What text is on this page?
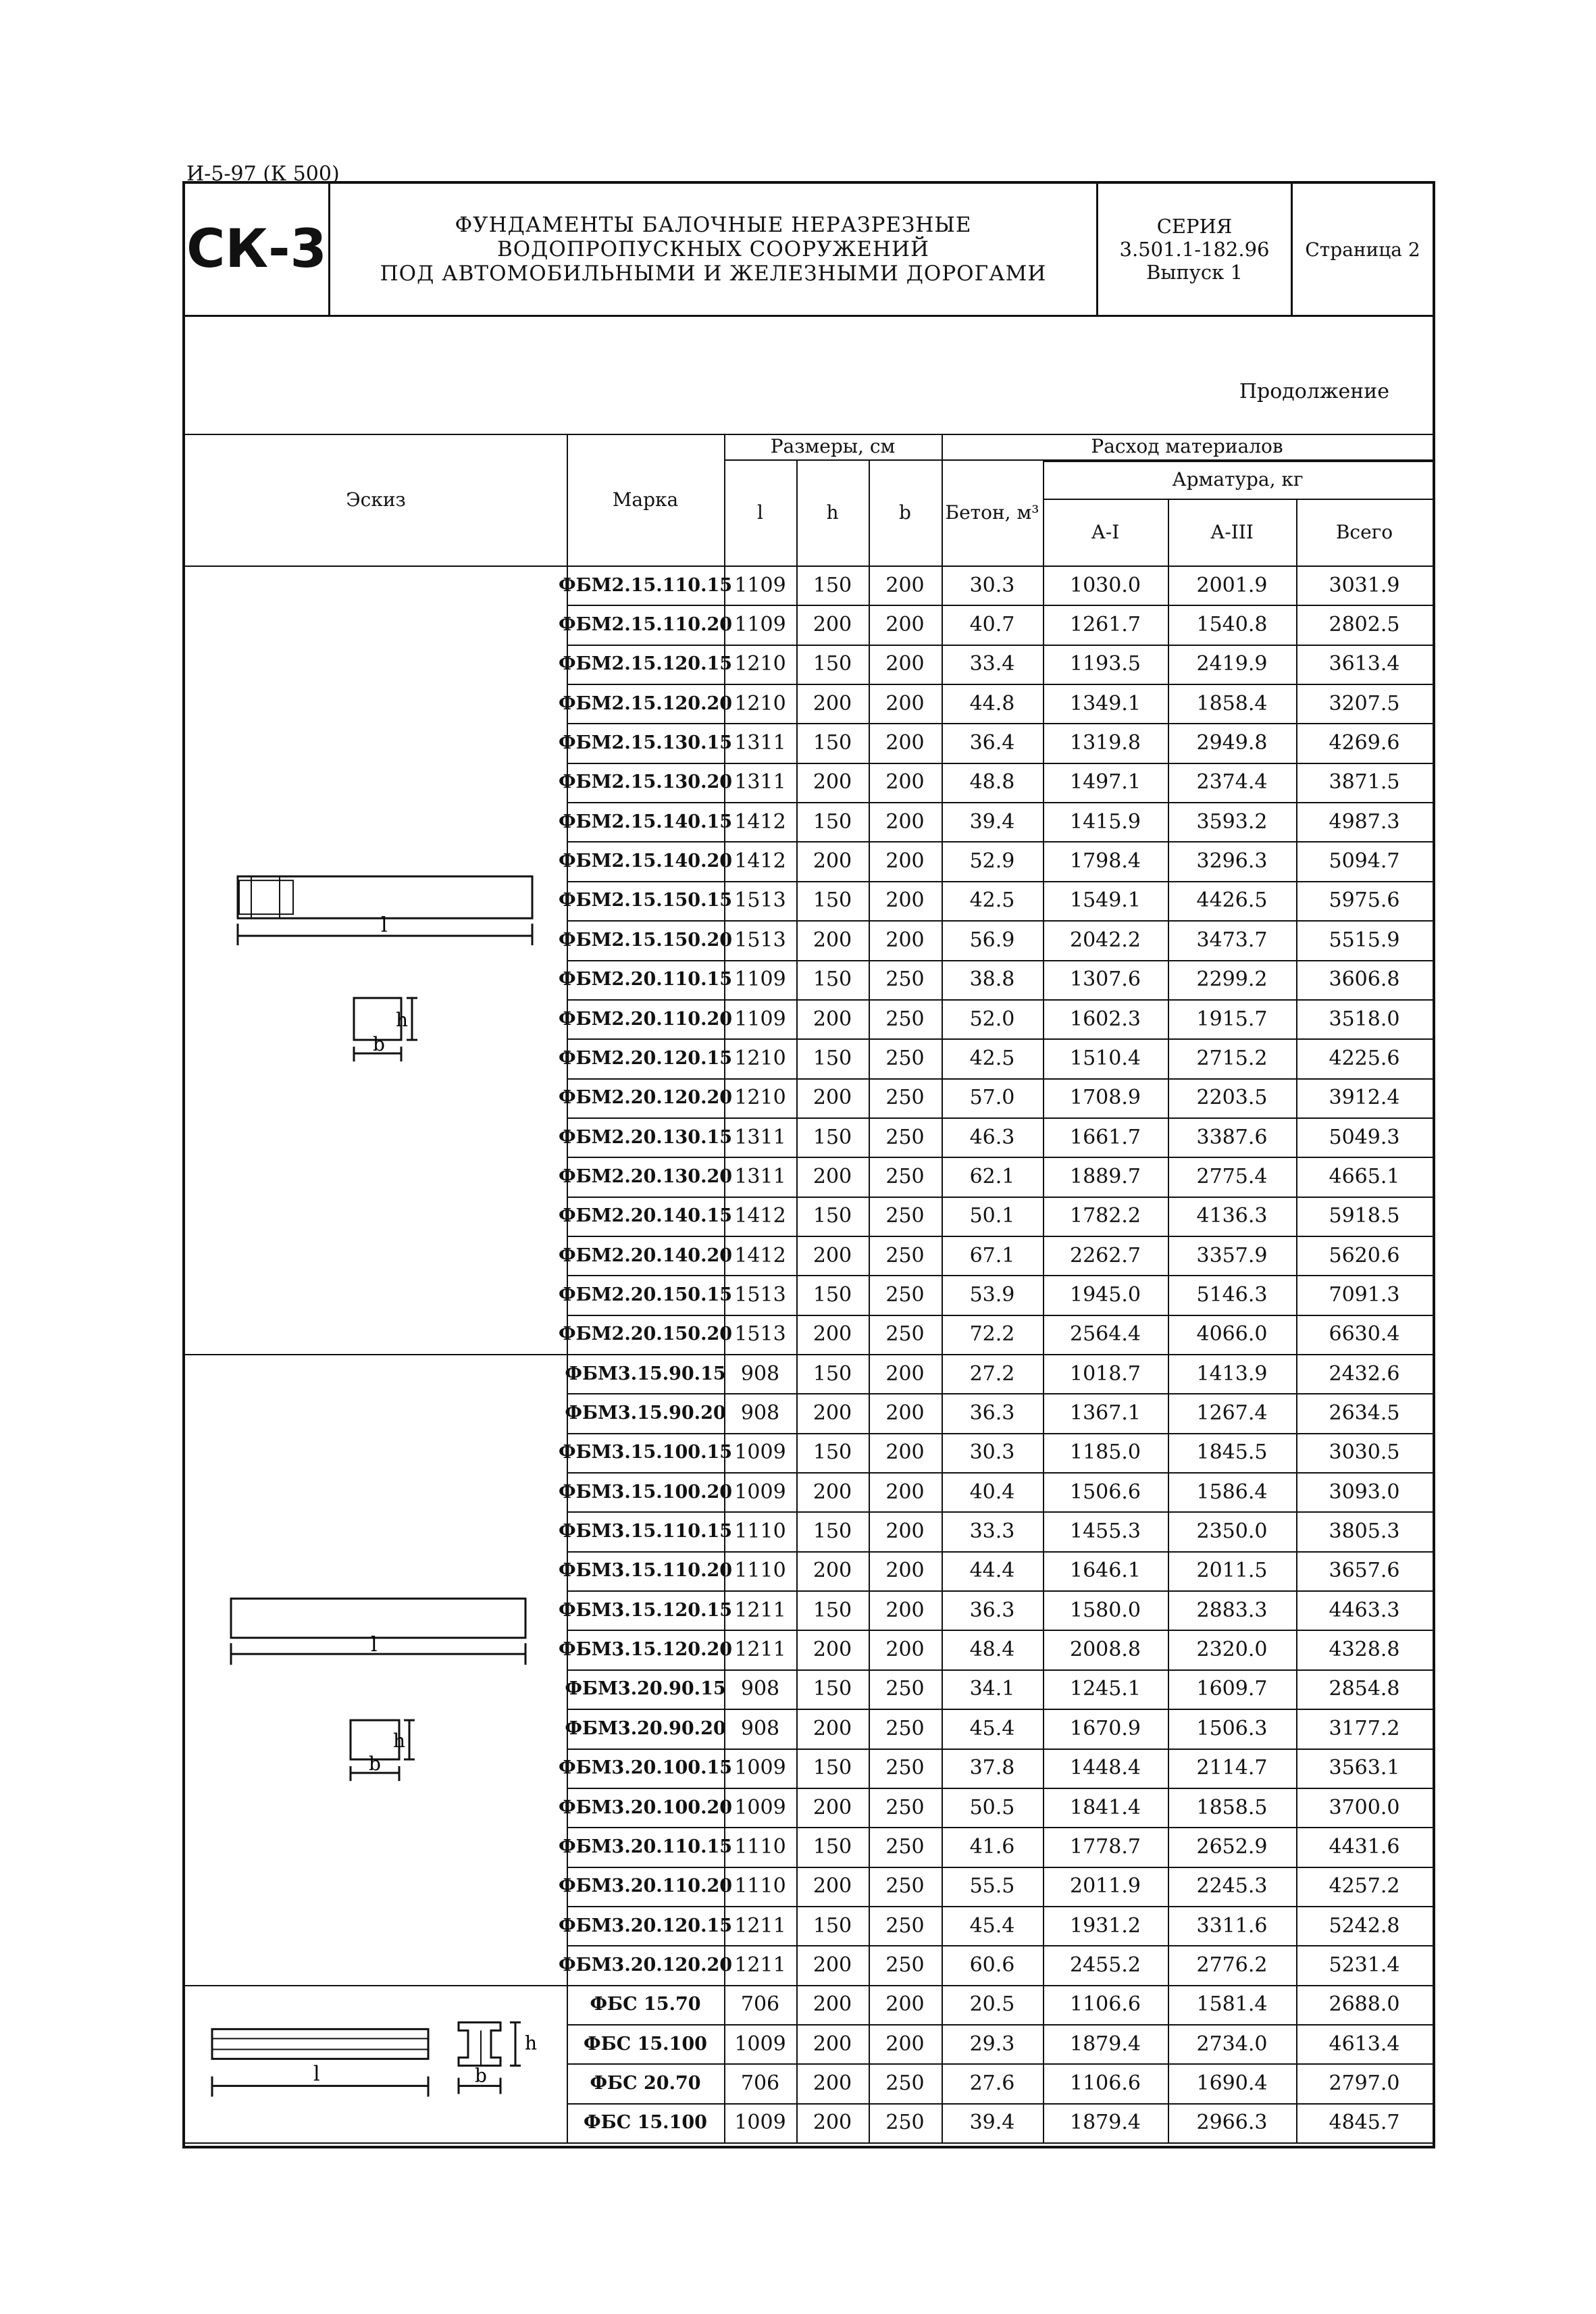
И-5-97 (К 500)
СК-3	ФУНДАМЕНТЫ БАЛОЧНЫЕ НЕРАЗРЕЗНЫЕ
ВОДОПРОПУСКНЫХ СООРУЖЕНИЙ
ПОД АВТОМОБИЛЬНЫМИ И ЖЕЛЕЗНЫМИ ДОРОГАМИ
СЕРИЯ
3.501.1-182.96
Выпуск 1
Страница 2
Продолжение
Эскиз	Марка
Размеры, см
l	h	b
Расход материалов
Бетон, м³
Арматура, кг
А-I	А-III	Всего
ФБМ2.15.110.15 1109	150	200	30.3	1030.0	2001.9	3031.9
ФБМ2.15.110.20 1109	200	200	40.7	1261.7	1540.8	2802.5
ФБМ2.15.120.15 1210	150	200	33.4	1193.5	2419.9	3613.4
ФБМ2.15.120.20 1210	200	200	44.8	1349.1	1858.4	3207.5
ФБМ2.15.130.15 1311	150	200	36.4	1319.8	2949.8	4269.6
ФБМ2.15.130.20 1311	200	200	48.8	1497.1	2374.4	3871.5
ФБМ2.15.140.15 1412	150	200	39.4	1415.9	3593.2	4987.3
ФБМ2.15.140.20 1412	200	200	52.9	1798.4	3296.3	5094.7
ФБМ2.15.150.15 1513	150	200	42.5	1549.1	4426.5	5975.6
ФБМ2.15.150.20 1513	200	200	56.9	2042.2	3473.7	5515.9
ФБМ2.20.110.15 1109	150	250	38.8	1307.6	2299.2	3606.8
ФБМ2.20.110.20 1109	200	250	52.0	1602.3	1915.7	3518.0
ФБМ2.20.120.15 1210	150	250	42.5	1510.4	2715.2	4225.6
ФБМ2.20.120.20 1210	200	250	57.0	1708.9	2203.5	3912.4
ФБМ2.20.130.15 1311	150	250	46.3	1661.7	3387.6	5049.3
ФБМ2.20.130.20 1311	200	250	62.1	1889.7	2775.4	4665.1
ФБМ2.20.140.15 1412	150	250	50.1	1782.2	4136.3	5918.5
ФБМ2.20.140.20 1412	200	250	67.1	2262.7	3357.9	5620.6
ФБМ2.20.150.15 1513	150	250	53.9	1945.0	5146.3	7091.3
ФБМ2.20.150.20 1513	200	250	72.2	2564.4	4066.0	6630.4
ФБМ3.15.90.15 908	150	200	27.2	1018.7	1413.9	2432.6
ФБМ3.15.90.20 908	200	200	36.3	1367.1	1267.4	2634.5
ФБМ3.15.100.15 1009	150	200	30.3	1185.0	1845.5	3030.5
ФБМ3.15.100.20 1009	200	200	40.4	1506.6	1586.4	3093.0
ФБМ3.15.110.15 1110	150	200	33.3	1455.3	2350.0	3805.3
ФБМ3.15.110.20 1110	200	200	44.4	1646.1	2011.5	3657.6
ФБМ3.15.120.15 1211	150	200	36.3	1580.0	2883.3	4463.3
ФБМ3.15.120.20 1211	200	200	48.4	2008.8	2320.0	4328.8
ФБМ3.20.90.15 908	150	250	34.1	1245.1	1609.7	2854.8
ФБМ3.20.90.20 908	200	250	45.4	1670.9	1506.3	3177.2
ФБМ3.20.100.15 1009	150	250	37.8	1448.4	2114.7	3563.1
ФБМ3.20.100.20 1009	200	250	50.5	1841.4	1858.5	3700.0
ФБМ3.20.110.15 1110	150	250	41.6	1778.7	2652.9	4431.6
ФБМ3.20.110.20 1110	200	250	55.5	2011.9	2245.3	4257.2
ФБМ3.20.120.15 1211	150	250	45.4	1931.2	3311.6	5242.8
ФБМ3.20.120.20 1211	200	250	60.6	2455.2	2776.2	5231.4
ФБС 15.70	706	200	200	20.5	1106.6	1581.4	2688.0
ФБС 15.100	1009	200	200	29.3	1879.4	2734.0	4613.4
ФБС 20.70	706	200	250	27.6	1106.6	1690.4	2797.0
ФБС 15.100	1009	200	250	39.4	1879.4	2966.3	4845.7
l
h
b
l
h
b
l
h
b
